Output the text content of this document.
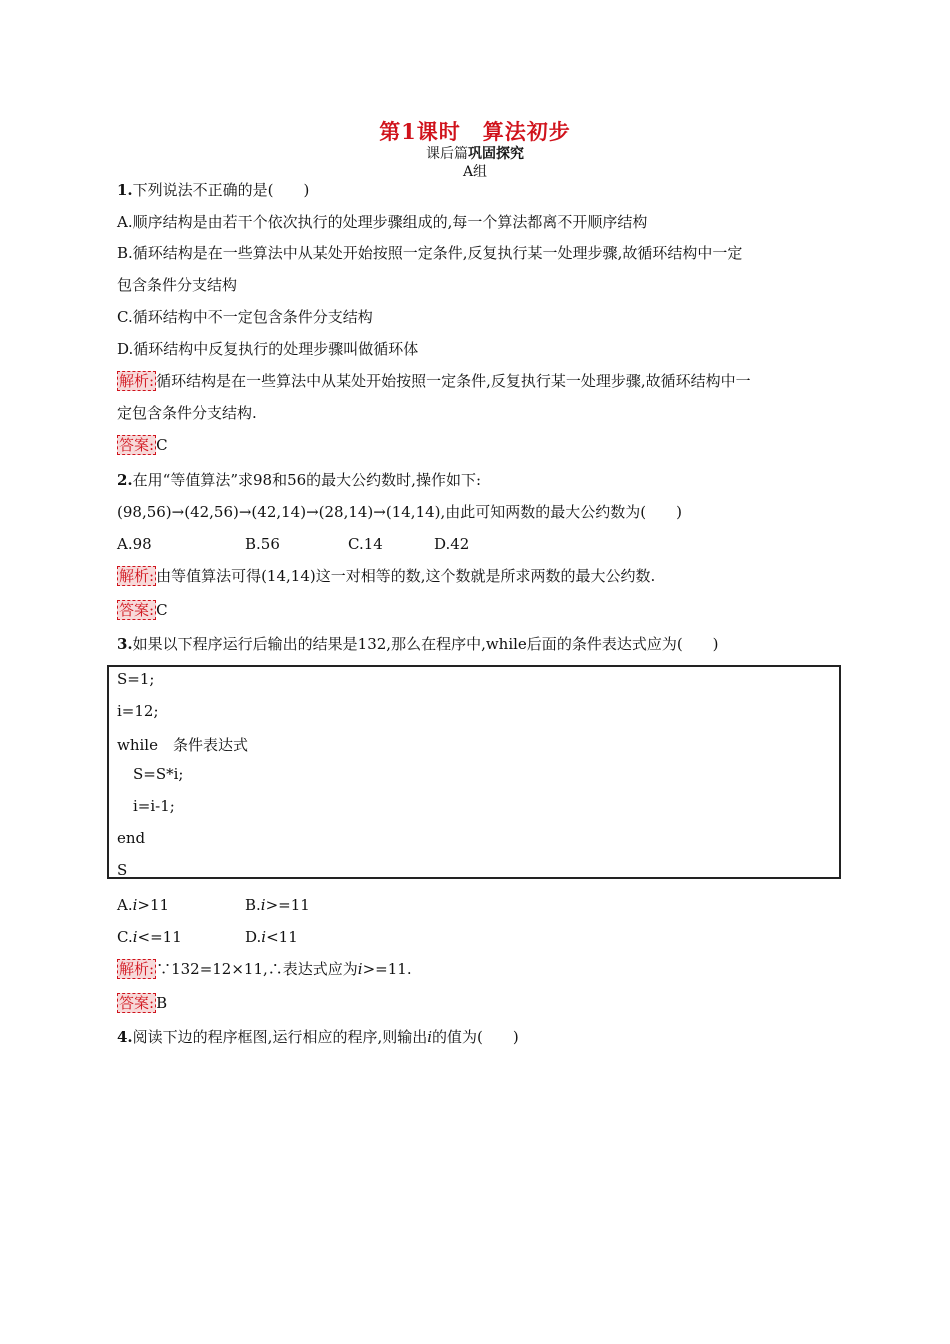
第1课时　算法初步
课后篇巩固探究
A组
1.下列说法不正确的是(　　)
A.顺序结构是由若干个依次执行的处理步骤组成的,每一个算法都离不开顺序结构
B.循环结构是在一些算法中从某处开始按照一定条件,反复执行某一处理步骤,故循环结构中一定
包含条件分支结构
C.循环结构中不一定包含条件分支结构
D.循环结构中反复执行的处理步骤叫做循环体
解析: 循环结构是在一些算法中从某处开始按照一定条件,反复执行某一处理步骤,故循环结构中一
定包含条件分支结构.
答案: C
2.在用“等值算法”求98和56的最大公约数时,操作如下:
(98,56)→(42,56)→(42,14)→(28,14)→(14,14),由此可知两数的最大公约数为(　　)
A.98	B.56	C.14	D.42
解析: 由等值算法可得(14,14)这一对相等的数,这个数就是所求两数的最大公约数.
答案: C
3.如果以下程序运行后输出的结果是132,那么在程序中,while后面的条件表达式应为(　　)
S=1;
i=12;
while　条件表达式
S=S*i;
i=i-1;
end
S
A.i>11	B.i>=11
C.i<=11	D.i<11
解析: ∵132=12×11,∴表达式应为i>=11.
答案: B
4.阅读下边的程序框图,运行相应的程序,则输出i的值为(　　)
